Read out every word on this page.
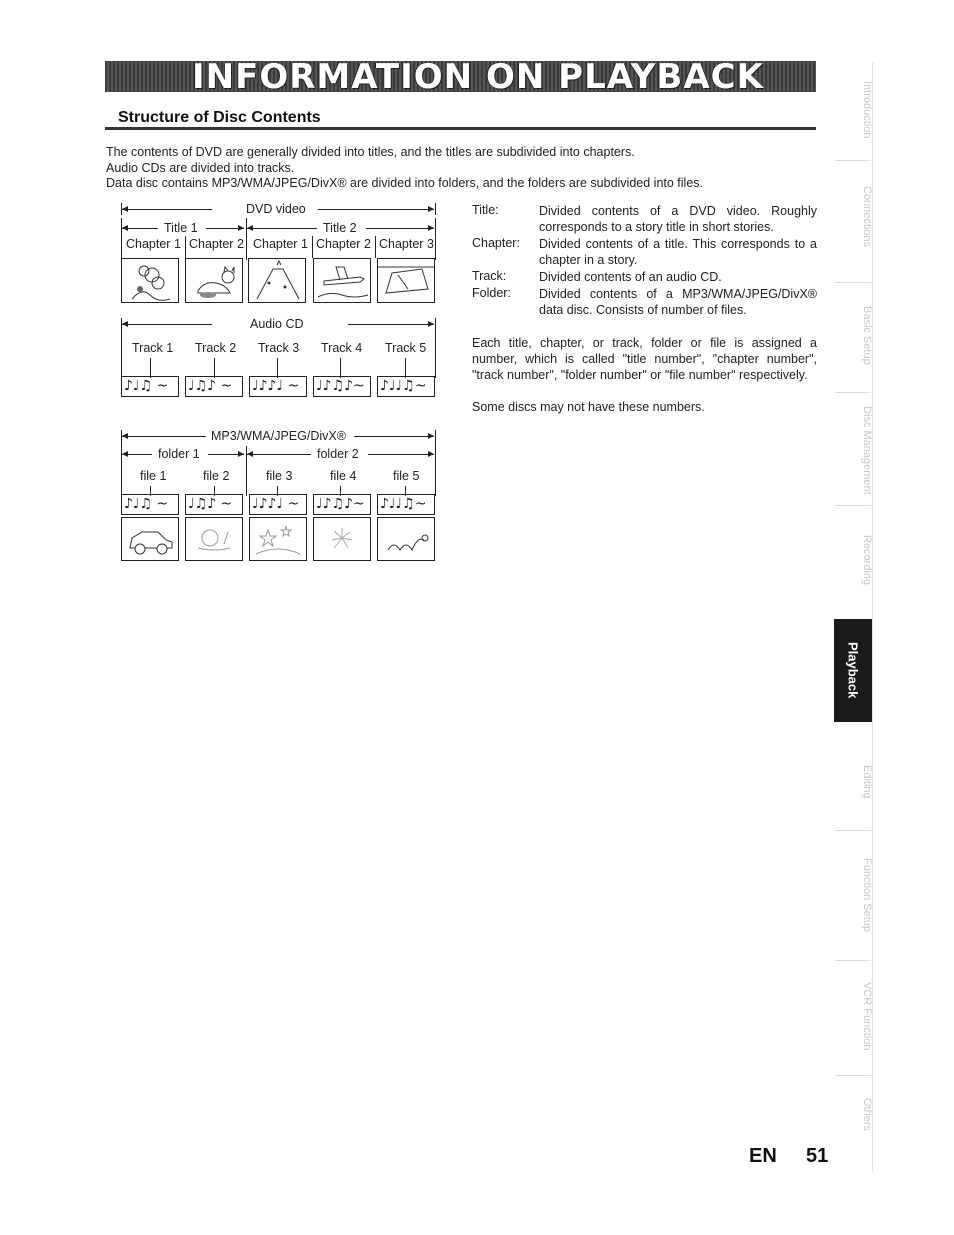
INFORMATION ON PLAYBACK
Structure of Disc Contents
The contents of DVD are generally divided into titles, and the titles are subdivided into chapters.
Audio CDs are divided into tracks.
Data disc contains MP3/WMA/JPEG/DivX® are divided into folders, and the folders are subdivided into files.
DVD video
Title 1	Title 2
Chapter 1 Chapter 2 Chapter 1 Chapter 2 Chapter 3
Audio CD
Track 1 Track 2 Track 3 Track 4 Track 5
♪♩♫ ~	♩♫♪ ~	♩♪♪♩ ~	♩♪♫♪~	♪♩♩♫~
MP3/WMA/JPEG/DivX®
folder 1	folder 2
file 1	file 2	file 3	file 4	file 5
♪♩♫ ~	♩♫♪ ~	♩♪♪♩ ~	♩♪♫♪~	♪♩♩♫~
Title:	Divided contents of a DVD video. Roughly corresponds to a story title in short stories.
Chapter: Divided contents of a title. This corresponds to a chapter in a story.
Track:	Divided contents of an audio CD.
Folder: Divided contents of a MP3/WMA/JPEG/DivX® data disc. Consists of number of files.
Each title, chapter, or track, folder or file is assigned a number, which is called "title number", "chapter number", "track number", "folder number" or "file number" respectively.
Some discs may not have these numbers.
Introduction
Connections
Basic Setup
Disc Management
Recording
Playback
Editing
Function Setup
VCR Function
Others
EN 51
